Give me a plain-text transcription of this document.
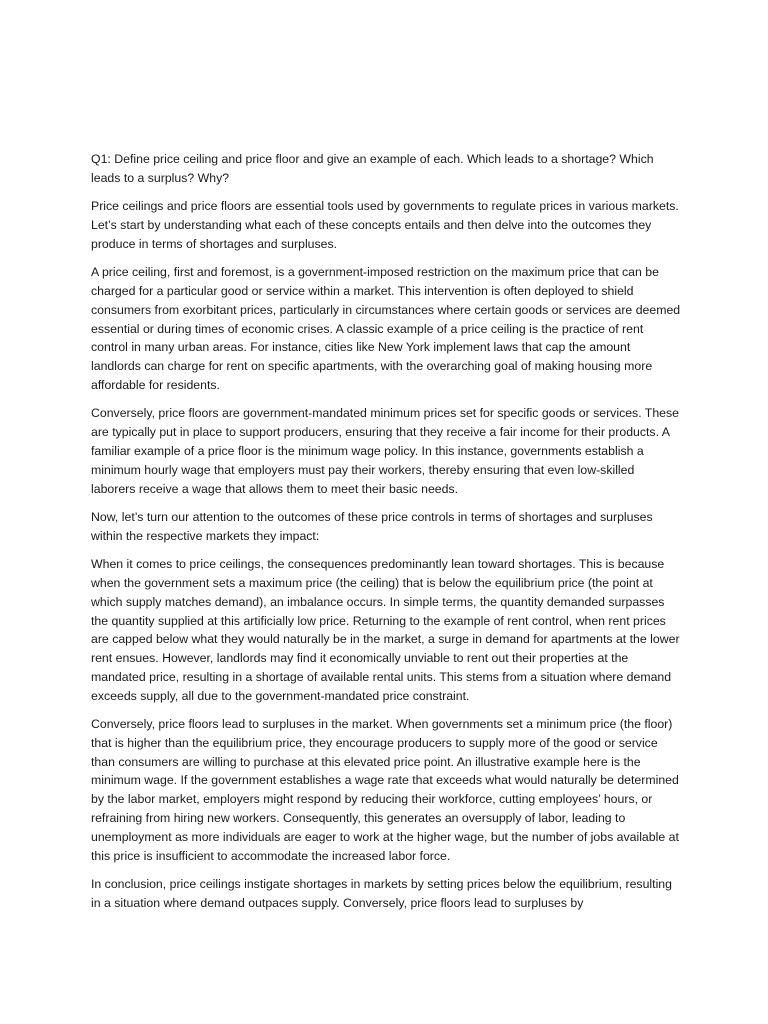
Q1: Define price ceiling and price floor and give an example of each. Which leads to a shortage? Which leads to a surplus? Why?

Price ceilings and price floors are essential tools used by governments to regulate prices in various markets. Let’s start by understanding what each of these concepts entails and then delve into the outcomes they produce in terms of shortages and surpluses.

A price ceiling, first and foremost, is a government-imposed restriction on the maximum price that can be charged for a particular good or service within a market. This intervention is often deployed to shield consumers from exorbitant prices, particularly in circumstances where certain goods or services are deemed essential or during times of economic crises. A classic example of a price ceiling is the practice of rent control in many urban areas. For instance, cities like New York implement laws that cap the amount landlords can charge for rent on specific apartments, with the overarching goal of making housing more affordable for residents.

Conversely, price floors are government-mandated minimum prices set for specific goods or services. These are typically put in place to support producers, ensuring that they receive a fair income for their products. A familiar example of a price floor is the minimum wage policy. In this instance, governments establish a minimum hourly wage that employers must pay their workers, thereby ensuring that even low-skilled laborers receive a wage that allows them to meet their basic needs.

Now, let’s turn our attention to the outcomes of these price controls in terms of shortages and surpluses within the respective markets they impact:

When it comes to price ceilings, the consequences predominantly lean toward shortages. This is because when the government sets a maximum price (the ceiling) that is below the equilibrium price (the point at which supply matches demand), an imbalance occurs. In simple terms, the quantity demanded surpasses the quantity supplied at this artificially low price. Returning to the example of rent control, when rent prices are capped below what they would naturally be in the market, a surge in demand for apartments at the lower rent ensues. However, landlords may find it economically unviable to rent out their properties at the mandated price, resulting in a shortage of available rental units. This stems from a situation where demand exceeds supply, all due to the government-mandated price constraint.

Conversely, price floors lead to surpluses in the market. When governments set a minimum price (the floor) that is higher than the equilibrium price, they encourage producers to supply more of the good or service than consumers are willing to purchase at this elevated price point. An illustrative example here is the minimum wage. If the government establishes a wage rate that exceeds what would naturally be determined by the labor market, employers might respond by reducing their workforce, cutting employees’ hours, or refraining from hiring new workers. Consequently, this generates an oversupply of labor, leading to unemployment as more individuals are eager to work at the higher wage, but the number of jobs available at this price is insufficient to accommodate the increased labor force.

In conclusion, price ceilings instigate shortages in markets by setting prices below the equilibrium, resulting in a situation where demand outpaces supply. Conversely, price floors lead to surpluses by
